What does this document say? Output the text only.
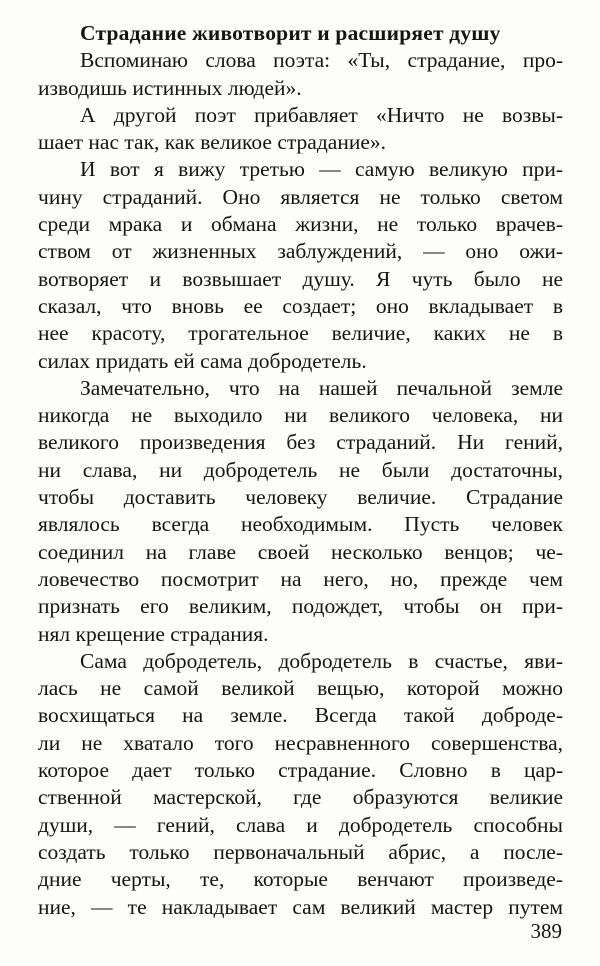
Страдание животворит и расширяет душу
Вспоминаю слова поэта: «Ты, страдание, про-
изводишь истинных людей».
А другой поэт прибавляет «Ничто не возвы-
шает нас так, как великое страдание».
И вот я вижу третью — самую великую при-
чину страданий. Оно является не только светом
среди мрака и обмана жизни, не только врачев-
ством от жизненных заблуждений, — оно ожи-
вотворяет и возвышает душу. Я чуть было не
сказал, что вновь ее создает; оно вкладывает в
нее красоту, трогательное величие, каких не в
силах придать ей сама добродетель.
Замечательно, что на нашей печальной земле
никогда не выходило ни великого человека, ни
великого произведения без страданий. Ни гений,
ни слава, ни добродетель не были достаточны,
чтобы доставить человеку величие. Страдание
являлось всегда необходимым. Пусть человек
соединил на главе своей несколько венцов; че-
ловечество посмотрит на него, но, прежде чем
признать его великим, подождет, чтобы он при-
нял крещение страдания.
Сама добродетель, добродетель в счастье, яви-
лась не самой великой вещью, которой можно
восхищаться на земле. Всегда такой доброде-
ли не хватало того несравненного совершенства,
которое дает только страдание. Словно в цар-
ственной мастерской, где образуются великие
души, — гений, слава и добродетель способны
создать только первоначальный абрис, а после-
дние черты, те, которые венчают произведе-
ние, — те накладывает сам великий мастер путем
389
